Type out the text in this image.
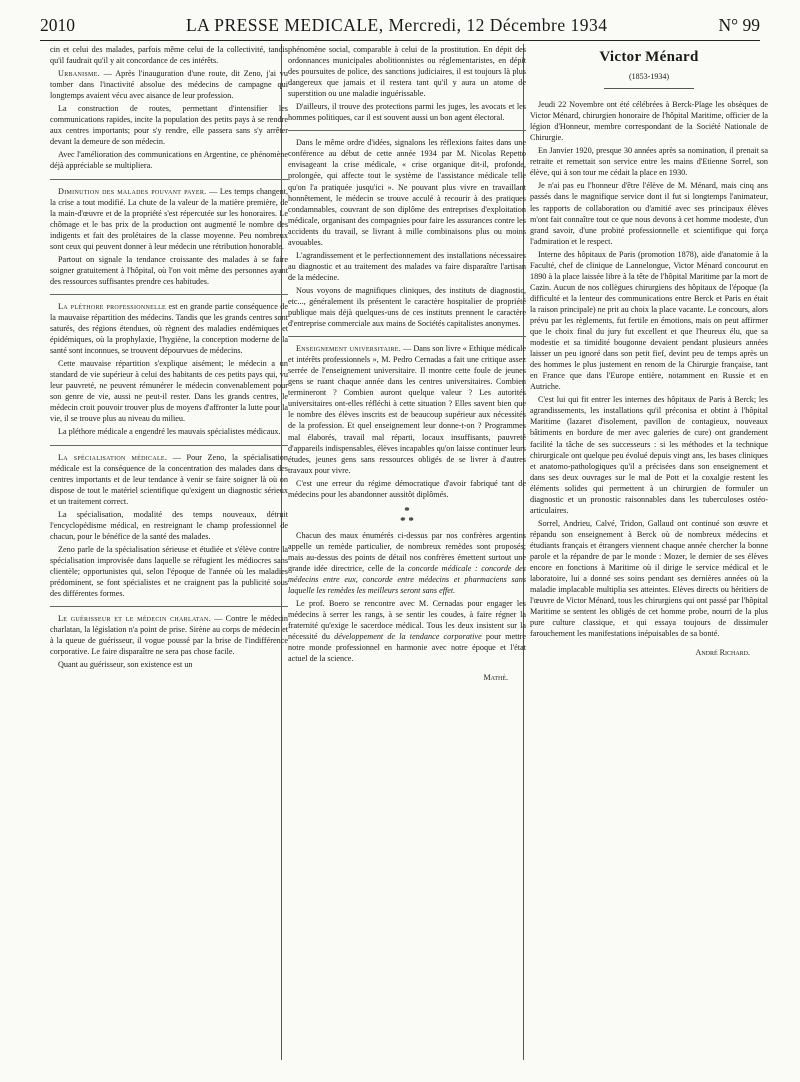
2010	LA PRESSE MEDICALE, Mercredi, 12 Décembre 1934	N° 99

cin et celui des malades, parfois même celui de la collectivité, tandis qu'il faudrait qu'il y ait concordance de ces intérêts.

Urbanisme. — Après l'inauguration d'une route, dit Zeno, j'ai vu tomber dans l'inactivité absolue des médecins de campagne qui longtemps avaient vécu avec aisance de leur profession.

La construction de routes, permettant d'intensifier les communications rapides, incite la population des petits pays à se rendre aux centres importants; pour s'y rendre, elle passera sans s'y arrêter devant la demeure de son médecin.

Avec l'amélioration des communications en Argentine, ce phénomène déjà appréciable se multipliera.

Diminution des malades pouvant payer. — Les temps changent, la crise a tout modifié. La chute de la valeur de la matière première, de la main-d'œuvre et de la propriété s'est répercutée sur les honoraires. Le chômage et le bas prix de la production ont augmenté le nombre des indigents et fait des prolétaires de la classe moyenne. Peu nombreux sont ceux qui peuvent donner à leur médecin une rétribution honorable.

Partout on signale la tendance croissante des malades à se faire soigner gratuitement à l'hôpital, où l'on voit même des personnes ayant des ressources suffisantes prendre ces habitudes.

La pléthore professionnelle est en grande partie conséquence de la mauvaise répartition des médecins. Tandis que les grands centres sont saturés, des régions étendues, où règnent des maladies endémiques et épidémiques, où la prophylaxie, l'hygiène, la conception moderne de la santé sont inconnues, se trouvent dépourvues de médecins.

Cette mauvaise répartition s'explique aisément; le médecin a un standard de vie supérieur à celui des habitants de ces petits pays qui, vu leur pauvreté, ne peuvent rémunérer le médecin convenablement pour son genre de vie, aussi ne peut-il rester. Dans les grands centres, le médecin croit pouvoir trouver plus de moyens d'affronter la lutte pour la vie, il se trouve plus au niveau du milieu.

La pléthore médicale a engendré les mauvais spécialistes médicaux.

La spécialisation médicale. — Pour Zeno, la spécialisation médicale est la conséquence de la concentration des malades dans des centres importants et de leur tendance à venir se faire soigner là où on dispose de tout le matériel scientifique qu'exigent un diagnostic sérieux et un traitement correct.

La spécialisation, modalité des temps nouveaux, détruit l'encyclopédisme médical, en restreignant le champ professionnel de chacun, pour le bénéfice de la santé des malades.

Zeno parle de la spécialisation sérieuse et étudiée et s'élève contre la spécialisation improvisée dans laquelle se réfugient les médiocres sans clientèle; opportunistes qui, selon l'époque de l'année où les maladies prédominent, se font spécialistes et ne craignent pas la publicité sous des différentes formes.

Le guérisseur et le médecin charlatan. — Contre le médecin charlatan, la législation n'a point de prise. Sirène au corps de médecin et à la queue de guérisseur, il vogue poussé par la brise de l'indifférence corporative. Le faire disparaître ne sera pas chose facile.

Quant au guérisseur, son existence est un

phénomène social, comparable à celui de la prostitution. En dépit des ordonnances municipales abolitionnistes ou réglementaristes, en dépit des poursuites de police, des sanctions judiciaires, il est toujours là plus dangereux que jamais et il restera tant qu'il y aura un atome de superstition ou une maladie inguérissable.

D'ailleurs, il trouve des protections parmi les juges, les avocats et les hommes politiques, car il est souvent aussi un bon agent électoral.

Dans le même ordre d'idées, signalons les réflexions faites dans une conférence au début de cette année 1934 par M. Nicolas Repetto envisageant la crise médicale, « crise organique dit-il, profonde, prolongée, qui affecte tout le système de l'assistance médicale telle qu'on l'a pratiquée jusqu'ici ». Ne pouvant plus vivre en travaillant honnêtement, le médecin se trouve acculé à recourir à des pratiques condamnables, couvrant de son diplôme des entreprises d'exploitation médicale, organisant des compagnies pour faire les assurances contre les accidents du travail, se livrant à mille combinaisons plus ou moins avouables.

L'agrandissement et le perfectionnement des installations nécessaires au diagnostic et au traitement des malades va faire disparaître l'artisan de la médecine.

Nous voyons de magnifiques cliniques, des instituts de diagnostic, etc..., généralement ils présentent le caractère hospitalier de propriété publique mais déjà quelques-uns de ces instituts prennent le caractère d'entreprise commerciale aux mains de Sociétés capitalistes anonymes.

Enseignement universitaire. — Dans son livre « Ethique médicale et intérêts professionnels », M. Pedro Cernadas a fait une critique assez serrée de l'enseignement universitaire. Il montre cette foule de jeunes gens se ruant chaque année dans les centres universitaires. Combien termineront ? Combien auront quelque valeur ? Les autorités universitaires ont-elles réfléchi à cette situation ? Elles savent bien que le nombre des élèves inscrits est de beaucoup supérieur aux nécessités de la profession. Et quel enseignement leur donne-t-on ? Programmes mal élaborés, travail mal réparti, locaux insuffisants, pauvreté d'appareils indispensables, élèves incapables qu'on laisse continuer leurs études, jeunes gens sans ressources obligés de se livrer à d'autres travaux pour vivre.

C'est une erreur du régime démocratique d'avoir fabriqué tant de médecins pour les abandonner aussitôt diplômés.

*
* *

Chacun des maux énumérés ci-dessus par nos confrères argentins appelle un remède particulier, de nombreux remèdes sont proposés; mais au-dessus des points de détail nos confrères émettent surtout une grande idée directrice, celle de la concorde médicale : concorde des médecins entre eux, concorde entre médecins et pharmaciens sans laquelle les remèdes les meilleurs seront sans effet.

Le prof. Boero se rencontre avec M. Cernadas pour engager les médecins à serrer les rangs, à se sentir les coudes, à faire régner la fraternité qu'exige le sacerdoce médical. Tous les deux insistent sur la nécessité du développement de la tendance corporative pour mettre notre monde professionnel en harmonie avec notre époque et l'état actuel de la science.

Mathé.
Victor Ménard
(1853-1934)

Jeudi 22 Novembre ont été célébrées à Berck-Plage les obsèques de Victor Ménard, chirurgien honoraire de l'hôpital Maritime, officier de la légion d'Honneur, membre correspondant de la Société Nationale de Chirurgie.

En Janvier 1920, presque 30 années après sa nomination, il prenait sa retraite et remettait son service entre les mains d'Etienne Sorrel, son élève, qui à son tour me cédait la place en 1930.

Je n'ai pas eu l'honneur d'être l'élève de M. Ménard, mais cinq ans passés dans le magnifique service dont il fut si longtemps l'animateur, les rapports de collaboration ou d'amitié avec ses principaux élèves m'ont fait connaître tout ce que nous devons à cet homme modeste, d'un grand savoir, d'une probité professionnelle et scientifique qui força l'admiration et le respect.

Interne des hôpitaux de Paris (promotion 1878), aide d'anatomie à la Faculté, chef de clinique de Lannelongue, Victor Ménard concourut en 1890 à la place laissée libre à la tête de l'hôpital Maritime par la mort de Cazin. Aucun de nos collègues chirurgiens des hôpitaux de l'époque (la difficulté et la lenteur des communications entre Berck et Paris en était la raison principale) ne prit au choix la place vacante. Le concours, alors prévu par les règlements, fut fertile en émotions, mais on peut affirmer que le choix final du jury fut excellent et que l'heureux élu, que sa modestie et sa timidité bougonne devaient pendant plusieurs années laisser un peu ignoré dans son petit fief, devint peu de temps après un des hommes le plus justement en renom de la Chirurgie française, tant en France que dans l'Europe entière, notamment en Russie et en Autriche.

C'est lui qui fit entrer les internes des hôpitaux de Paris à Berck; les agrandissements, les installations qu'il préconisa et obtint à l'hôpital Maritime (lazaret d'isolement, pavillon de contagieux, nouveaux bâtiments en bordure de mer avec galeries de cure) ont grandement facilité la tâche de ses successeurs : si les méthodes et la technique chirurgicale ont quelque peu évolué depuis vingt ans, les bases cliniques et anatomo-pathologiques qu'il a précisées dans son enseignement et dans ses deux ouvrages sur le mal de Pott et la coxalgie restent les éléments solides qui permettent à un chirurgien de formuler un diagnostic et un pronostic raisonnables dans les tuberculoses ostéo-articulaires.

Sorrel, Andrieu, Calvé, Tridon, Gallaud ont continué son œuvre et répandu son enseignement à Berck où de nombreux médecins et étudiants français et étrangers viennent chaque année chercher la bonne parole et la répandre de par le monde : Mozer, le dernier de ses élèves encore en fonctions à Maritime où il dirige le service médical et le laboratoire, lui a donné ses soins pendant ses dernières années où la maladie implacable multiplia ses atteintes. Elèves directs ou héritiers de l'œuvre de Victor Ménard, tous les chirurgiens qui ont passé par l'hôpital Maritime se sentent les obligés de cet homme probe, nourri de la plus pure culture classique, et qui essaya toujours de dissimuler farouchement les manifestations inépuisables de sa bonté.

André Richard.
